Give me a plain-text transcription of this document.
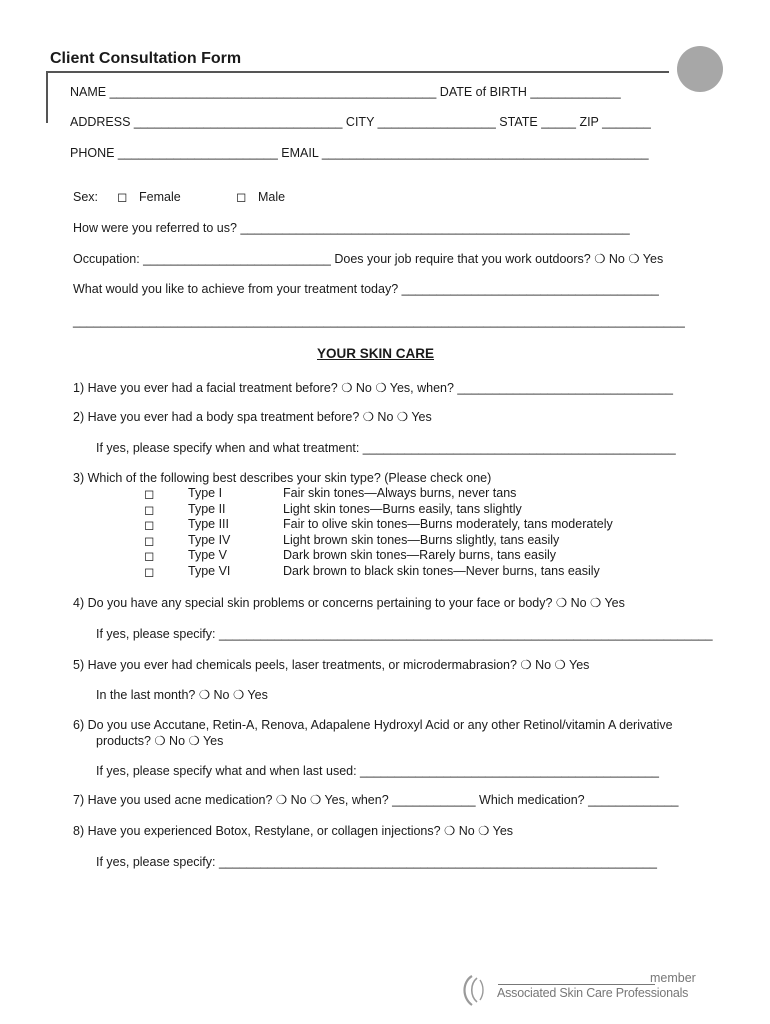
Client Consultation Form
NAME _______________________________________________ DATE of BIRTH _____________
ADDRESS ______________________________ CITY _________________ STATE _____ ZIP _______
PHONE _______________________ EMAIL _______________________________________________
Sex: ◻ Female	◻ Male
How were you referred to us? ________________________________________________________
Occupation: ___________________________ Does your job require that you work outdoors? ❍ No ❍ Yes
What would you like to achieve from your treatment today? _____________________________________
________________________________________________________________________________________
YOUR SKIN CARE
1) Have you ever had a facial treatment before? ❍ No ❍ Yes, when? _______________________________
2) Have you ever had a body spa treatment before? ❍ No ❍ Yes
If yes, please specify when and what treatment: _____________________________________________
3) Which of the following best describes your skin type? (Please check one)
◻	Type I	Fair skin tones—Always burns, never tans
◻	Type II	Light skin tones—Burns easily, tans slightly
◻	Type III	Fair to olive skin tones—Burns moderately, tans moderately
◻	Type IV	Light brown skin tones—Burns slightly, tans easily
◻	Type V	Dark brown skin tones—Rarely burns, tans easily
◻	Type VI	Dark brown to black skin tones—Never burns, tans easily
4) Do you have any special skin problems or concerns pertaining to your face or body? ❍ No ❍ Yes
If yes, please specify: _______________________________________________________________________
5) Have you ever had chemicals peels, laser treatments, or microdermabrasion? ❍ No ❍ Yes
In the last month? ❍ No ❍ Yes
6) Do you use Accutane, Retin-A, Renova, Adapalene Hydroxyl Acid or any other Retinol/vitamin A derivative
products? ❍ No ❍ Yes
If yes, please specify what and when last used: ___________________________________________
7) Have you used acne medication? ❍ No ❍ Yes, when? ____________ Which medication? _____________
8) Have you experienced Botox, Restylane, or collagen injections? ❍ No ❍ Yes
If yes, please specify: _______________________________________________________________
member
Associated Skin Care Professionals
